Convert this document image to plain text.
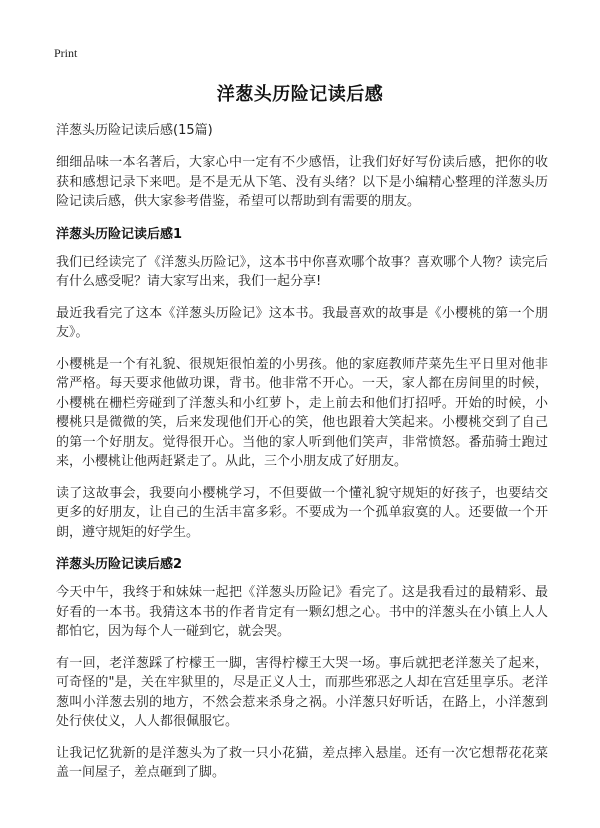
Print
洋葱头历险记读后感
洋葱头历险记读后感(15篇)

细细品味一本名著后，大家心中一定有不少感悟，让我们好好写份读后感，把你的收获和感想记录下来吧。是不是无从下笔、没有头绪？以下是小编精心整理的洋葱头历险记读后感，供大家参考借鉴，希望可以帮助到有需要的朋友。

洋葱头历险记读后感1

我们已经读完了《洋葱头历险记》，这本书中你喜欢哪个故事？喜欢哪个人物？读完后有什么感受呢？请大家写出来，我们一起分享!

最近我看完了这本《洋葱头历险记》这本书。我最喜欢的故事是《小樱桃的第一个朋友》。

小樱桃是一个有礼貌、很规矩很怕羞的小男孩。他的家庭教师芹菜先生平日里对他非常严格。每天要求他做功课，背书。他非常不开心。一天，家人都在房间里的时候，小樱桃在栅栏旁碰到了洋葱头和小红萝卜，走上前去和他们打招呼。开始的时候，小樱桃只是微微的笑，后来发现他们开心的笑，他也跟着大笑起来。小樱桃交到了自己的第一个好朋友。觉得很开心。当他的家人听到他们笑声，非常愤怒。番茄骑士跑过来，小樱桃让他两赶紧走了。从此，三个小朋友成了好朋友。

读了这故事会，我要向小樱桃学习，不但要做一个懂礼貌守规矩的好孩子，也要结交更多的好朋友，让自己的生活丰富多彩。不要成为一个孤单寂寞的人。还要做一个开朗，遵守规矩的好学生。

洋葱头历险记读后感2

今天中午，我终于和妹妹一起把《洋葱头历险记》看完了。这是我看过的最精彩、最好看的一本书。我猜这本书的作者肯定有一颗幻想之心。书中的洋葱头在小镇上人人都怕它，因为每个人一碰到它，就会哭。

有一回，老洋葱踩了柠檬王一脚，害得柠檬王大哭一场。事后就把老洋葱关了起来，可奇怪的"是，关在牢狱里的，尽是正义人士，而那些邪恶之人却在宫廷里享乐。老洋葱叫小洋葱去别的地方，不然会惹来杀身之祸。小洋葱只好听话，在路上，小洋葱到处行侠仗义，人人都很佩服它。

让我记忆犹新的是洋葱头为了救一只小花猫，差点摔入悬崖。还有一次它想帮花花菜盖一间屋子，差点砸到了脚。
